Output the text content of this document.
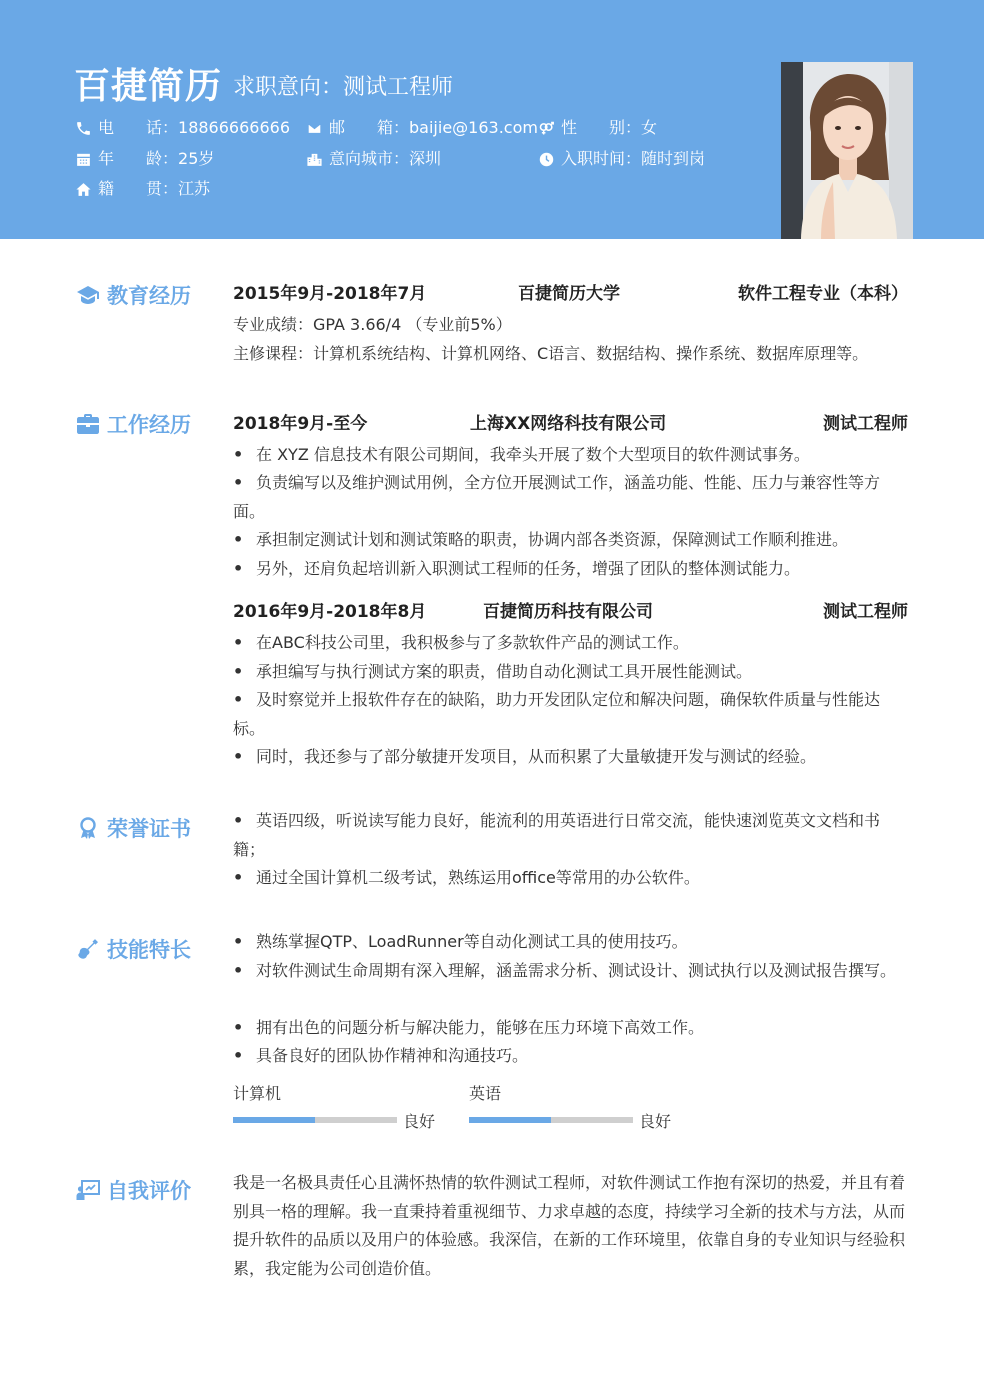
百捷简历 求职意向：测试工程师
电　　话： 18866666666 邮　　箱： baijie@163.com 性　　别： 女
年　　龄： 25岁	意向城市： 深圳	入职时间： 随时到岗
籍　　贯： 江苏
教育经历 2015年9月-2018年7月	百捷简历大学	软件工程专业（本科）
专业成绩：GPA 3.66/4 （专业前5%）
主修课程：计算机系统结构、计算机网络、C语言、数据结构、操作系统、数据库原理等。
工作经历 2018年9月-至今	上海XX网络科技有限公司	测试工程师
• 在 XYZ 信息技术有限公司期间，我牵头开展了数个大型项目的软件测试事务。
• 负责编写以及维护测试用例，全方位开展测试工作，涵盖功能、性能、压力与兼容性等方面。
• 承担制定测试计划和测试策略的职责，协调内部各类资源，保障测试工作顺利推进。
• 另外，还肩负起培训新入职测试工程师的任务，增强了团队的整体测试能力。
2016年9月-2018年8月	百捷简历科技有限公司	测试工程师
• 在ABC科技公司里，我积极参与了多款软件产品的测试工作。
• 承担编写与执行测试方案的职责，借助自动化测试工具开展性能测试。
• 及时察觉并上报软件存在的缺陷，助力开发团队定位和解决问题，确保软件质量与性能达标。
• 同时，我还参与了部分敏捷开发项目，从而积累了大量敏捷开发与测试的经验。
荣誉证书	• 英语四级，听说读写能力良好，能流利的用英语进行日常交流，能快速浏览英文文档和书籍；
• 通过全国计算机二级考试，熟练运用office等常用的办公软件。
技能特长	• 熟练掌握QTP、LoadRunner等自动化测试工具的使用技巧。
• 对软件测试生命周期有深入理解，涵盖需求分析、测试设计、测试执行以及测试报告撰写。
• 拥有出色的问题分析与解决能力，能够在压力环境下高效工作。
• 具备良好的团队协作精神和沟通技巧。
计算机
良好
英语
良好
自我评价	我是一名极具责任心且满怀热情的软件测试工程师，对软件测试工作抱有深切的热爱，并且有着别具一格的理解。我一直秉持着重视细节、力求卓越的态度，持续学习全新的技术与方法，从而提升软件的品质以及用户的体验感。我深信，在新的工作环境里，依靠自身的专业知识与经验积累，我定能为公司创造价值。
